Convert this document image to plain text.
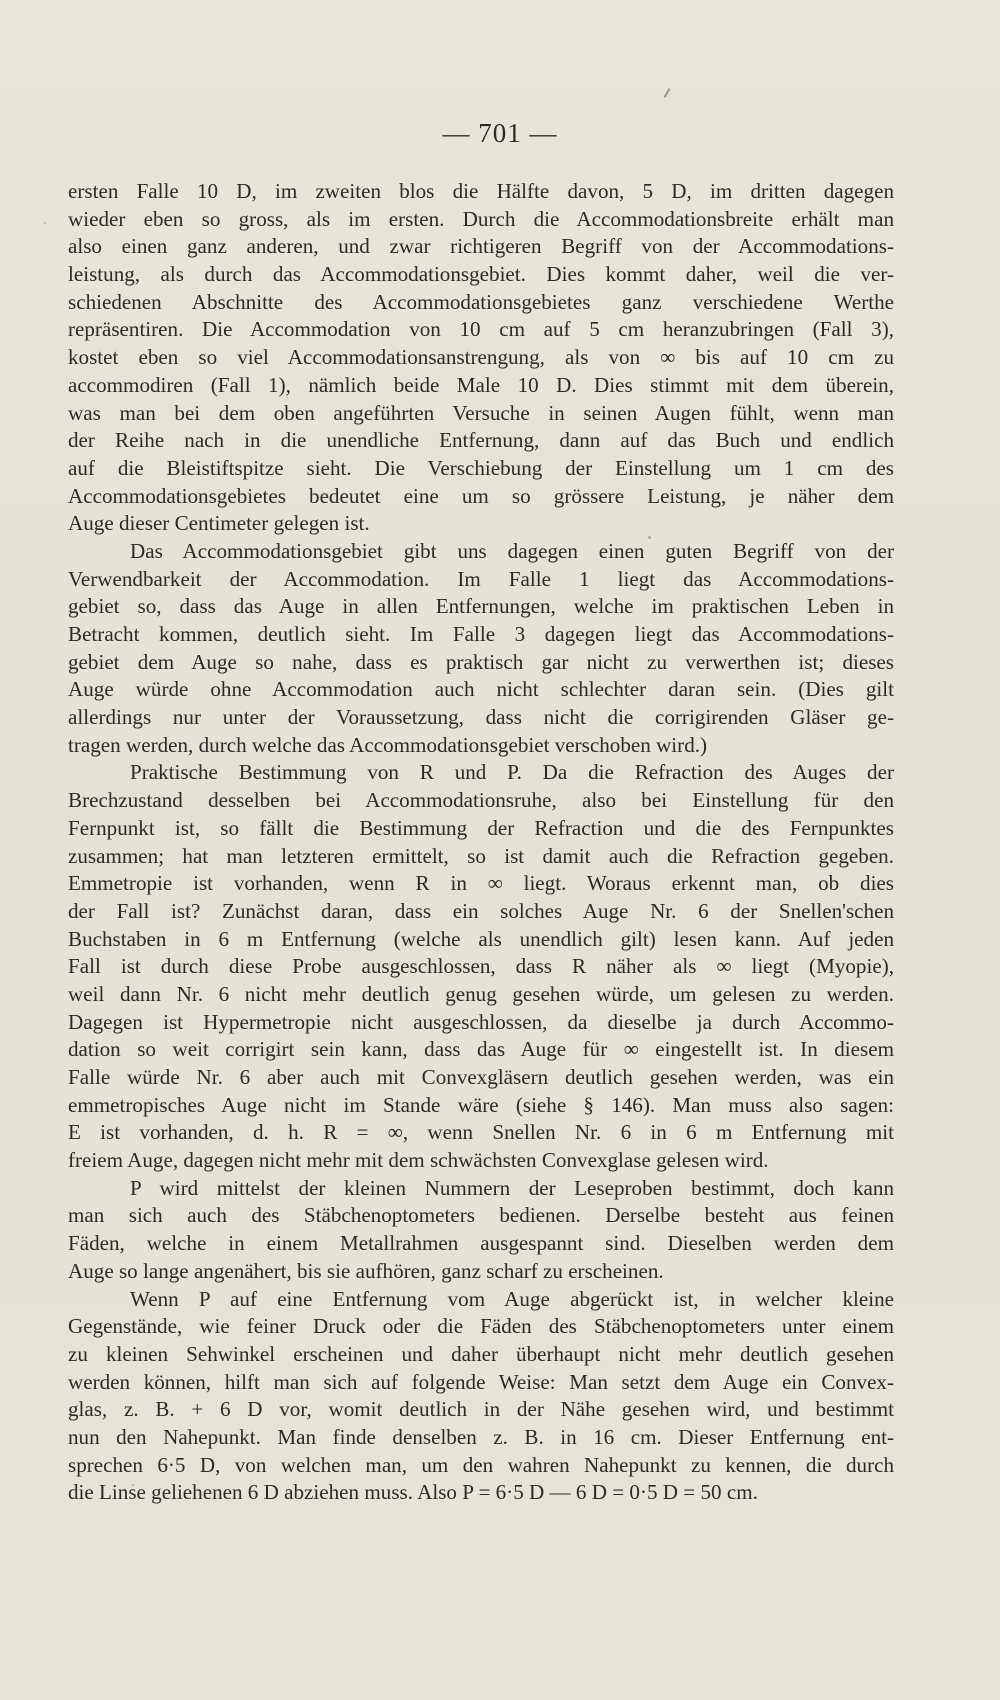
— 701 —
ersten Falle 10 D, im zweiten blos die Hälfte davon, 5 D, im dritten dagegen
wieder eben so gross, als im ersten. Durch die Accommodationsbreite erhält man
also einen ganz anderen, und zwar richtigeren Begriff von der Accommodations-
leistung, als durch das Accommodationsgebiet. Dies kommt daher, weil die ver-
schiedenen Abschnitte des Accommodationsgebietes ganz verschiedene Werthe
repräsentiren. Die Accommodation von 10 cm auf 5 cm heranzubringen (Fall 3),
kostet eben so viel Accommodationsanstrengung, als von ∞ bis auf 10 cm zu
accommodiren (Fall 1), nämlich beide Male 10 D. Dies stimmt mit dem überein,
was man bei dem oben angeführten Versuche in seinen Augen fühlt, wenn man
der Reihe nach in die unendliche Entfernung, dann auf das Buch und endlich
auf die Bleistiftspitze sieht. Die Verschiebung der Einstellung um 1 cm des
Accommodationsgebietes bedeutet eine um so grössere Leistung, je näher dem
Auge dieser Centimeter gelegen ist.
Das Accommodationsgebiet gibt uns dagegen einen guten Begriff von der
Verwendbarkeit der Accommodation. Im Falle 1 liegt das Accommodations-
gebiet so, dass das Auge in allen Entfernungen, welche im praktischen Leben in
Betracht kommen, deutlich sieht. Im Falle 3 dagegen liegt das Accommodations-
gebiet dem Auge so nahe, dass es praktisch gar nicht zu verwerthen ist; dieses
Auge würde ohne Accommodation auch nicht schlechter daran sein. (Dies gilt
allerdings nur unter der Voraussetzung, dass nicht die corrigirenden Gläser ge-
tragen werden, durch welche das Accommodationsgebiet verschoben wird.)
Praktische Bestimmung von R und P. Da die Refraction des Auges der
Brechzustand desselben bei Accommodationsruhe, also bei Einstellung für den
Fernpunkt ist, so fällt die Bestimmung der Refraction und die des Fernpunktes
zusammen; hat man letzteren ermittelt, so ist damit auch die Refraction gegeben.
Emmetropie ist vorhanden, wenn R in ∞ liegt. Woraus erkennt man, ob dies
der Fall ist? Zunächst daran, dass ein solches Auge Nr. 6 der Snellen'schen
Buchstaben in 6 m Entfernung (welche als unendlich gilt) lesen kann. Auf jeden
Fall ist durch diese Probe ausgeschlossen, dass R näher als ∞ liegt (Myopie),
weil dann Nr. 6 nicht mehr deutlich genug gesehen würde, um gelesen zu werden.
Dagegen ist Hypermetropie nicht ausgeschlossen, da dieselbe ja durch Accommo-
dation so weit corrigirt sein kann, dass das Auge für ∞ eingestellt ist. In diesem
Falle würde Nr. 6 aber auch mit Convexgläsern deutlich gesehen werden, was ein
emmetropisches Auge nicht im Stande wäre (siehe § 146). Man muss also sagen:
E ist vorhanden, d. h. R = ∞, wenn Snellen Nr. 6 in 6 m Entfernung mit
freiem Auge, dagegen nicht mehr mit dem schwächsten Convexglase gelesen wird.
P wird mittelst der kleinen Nummern der Leseproben bestimmt, doch kann
man sich auch des Stäbchenoptometers bedienen. Derselbe besteht aus feinen
Fäden, welche in einem Metallrahmen ausgespannt sind. Dieselben werden dem
Auge so lange angenähert, bis sie aufhören, ganz scharf zu erscheinen.
Wenn P auf eine Entfernung vom Auge abgerückt ist, in welcher kleine
Gegenstände, wie feiner Druck oder die Fäden des Stäbchenoptometers unter einem
zu kleinen Sehwinkel erscheinen und daher überhaupt nicht mehr deutlich gesehen
werden können, hilft man sich auf folgende Weise: Man setzt dem Auge ein Convex-
glas, z. B. + 6 D vor, womit deutlich in der Nähe gesehen wird, und bestimmt
nun den Nahepunkt. Man finde denselben z. B. in 16 cm. Dieser Entfernung ent-
sprechen 6·5 D, von welchen man, um den wahren Nahepunkt zu kennen, die durch
die Linse geliehenen 6 D abziehen muss. Also P = 6·5 D — 6 D = 0·5 D = 50 cm.
